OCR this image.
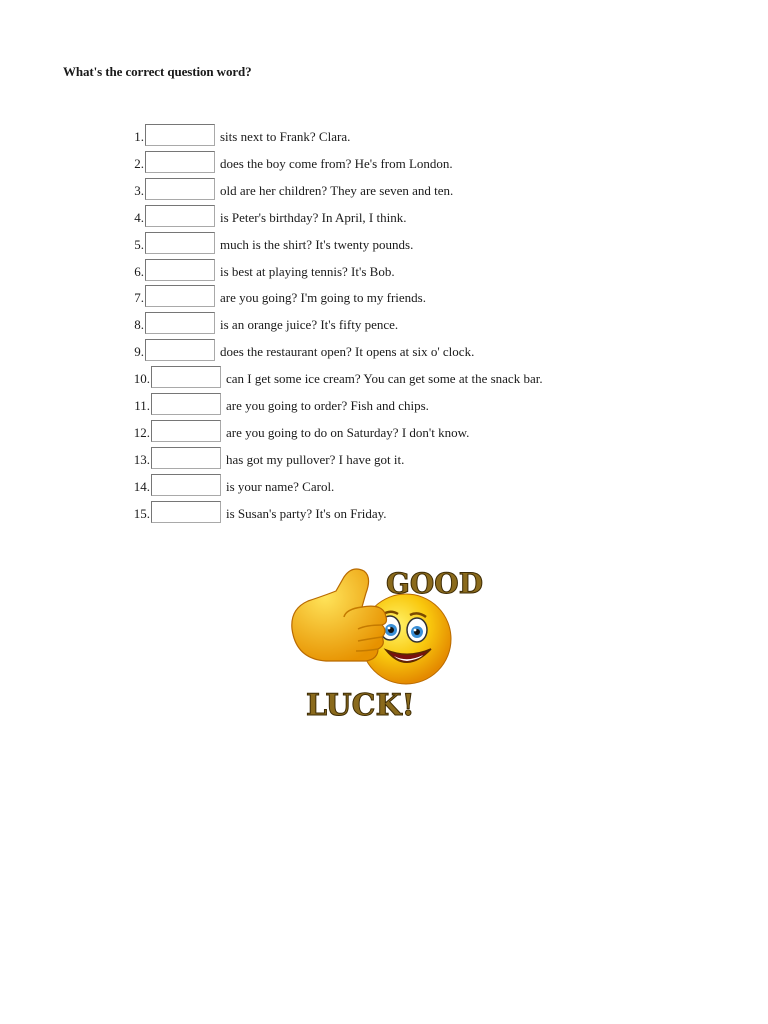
What's the correct question word?
1.	sits next to Frank? Clara.
2.	does the boy come from? He's from London.
3.	old are her children? They are seven and ten.
4.	is Peter's birthday? In April, I think.
5.	much is the shirt? It's twenty pounds.
6.	is best at playing tennis? It's Bob.
7.	are you going? I'm going to my friends.
8.	is an orange juice? It's fifty pence.
9.	does the restaurant open? It opens at six o' clock.
10.	can I get some ice cream? You can get some at the snack bar.
11.	are you going to order? Fish and chips.
12.	are you going to do on Saturday? I don't know.
13.	has got my pullover? I have got it.
14.	is your name? Carol.
15.	is Susan's party? It's on Friday.
GOOD
LUCK!
